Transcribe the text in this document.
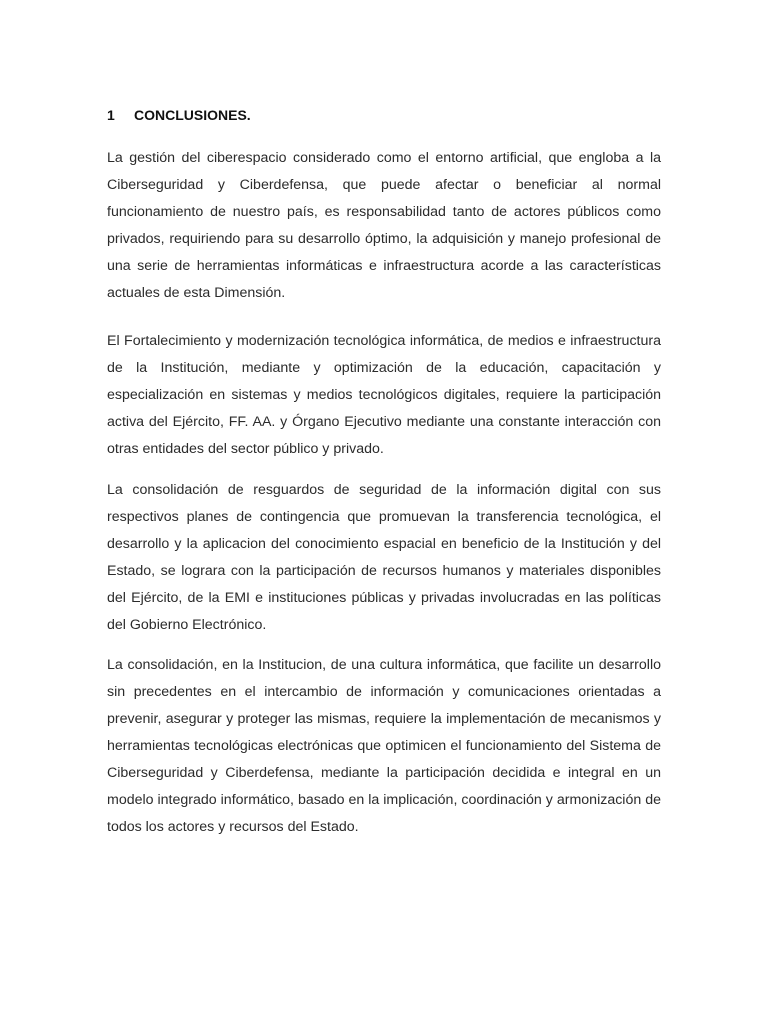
1	CONCLUSIONES.

La gestión del ciberespacio considerado como el entorno artificial, que engloba a la Ciberseguridad y Ciberdefensa, que puede afectar o beneficiar al normal funcionamiento de nuestro país, es responsabilidad tanto de actores públicos como privados, requiriendo para su desarrollo óptimo, la adquisición y manejo profesional de una serie de herramientas informáticas e infraestructura acorde a las características actuales de esta Dimensión.

El Fortalecimiento y modernización tecnológica informática, de medios e infraestructura de la Institución, mediante y optimización de la educación, capacitación y especialización en sistemas y medios tecnológicos digitales, requiere la participación activa del Ejército, FF. AA. y Órgano Ejecutivo mediante una constante interacción con otras entidades del sector público y privado.

La consolidación de resguardos de seguridad de la información digital con sus respectivos planes de contingencia que promuevan la transferencia tecnológica, el desarrollo y la aplicacion del conocimiento espacial en beneficio de la Institución y del Estado, se lograra con la participación de recursos humanos y materiales disponibles del Ejército, de la EMI e instituciones públicas y privadas involucradas en las políticas del Gobierno Electrónico.

La consolidación, en la Institucion, de una cultura informática, que facilite un desarrollo sin precedentes en el intercambio de información y comunicaciones orientadas a prevenir, asegurar y proteger las mismas, requiere la implementación de mecanismos y herramientas tecnológicas electrónicas que optimicen el funcionamiento del Sistema de Ciberseguridad y Ciberdefensa, mediante la participación decidida e integral en un modelo integrado informático, basado en la implicación, coordinación y armonización de todos los actores y recursos del Estado.
